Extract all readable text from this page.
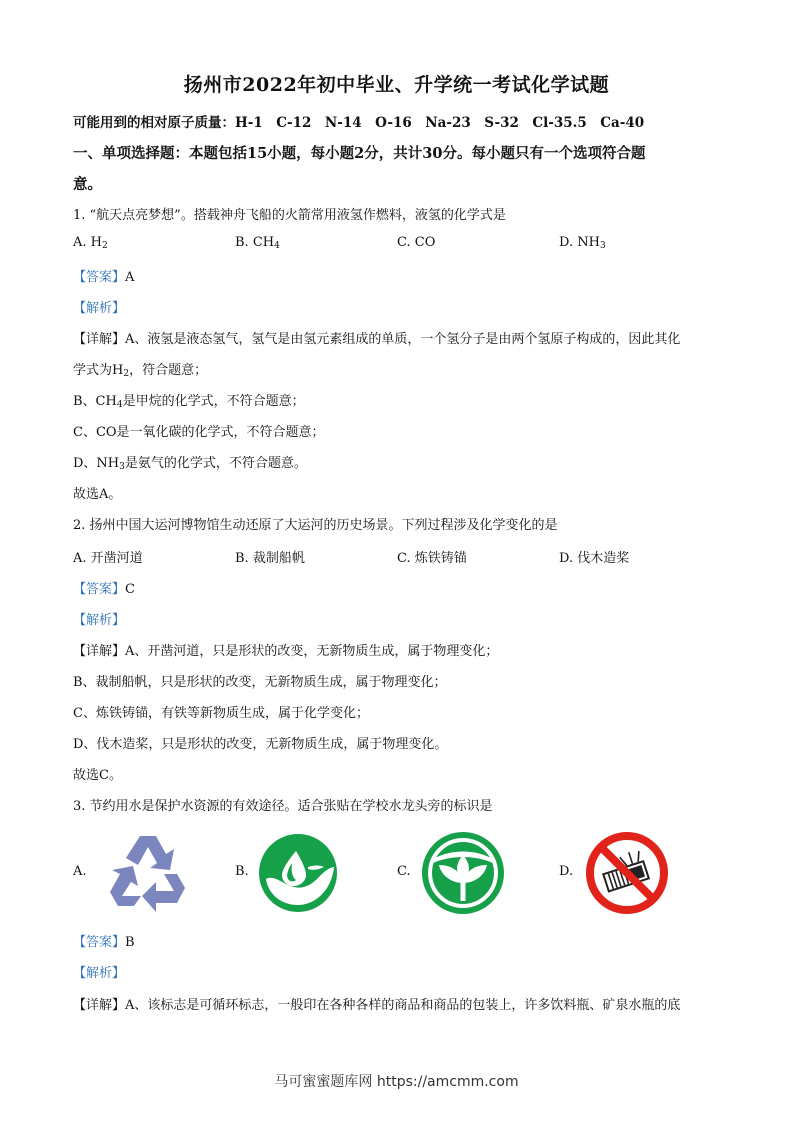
扬州市2022年初中毕业、升学统一考试化学试题
可能用到的相对原子质量：H-1　C-12　N-14　O-16　Na-23　S-32　Cl-35.5　Ca-40
一、单项选择题：本题包括15小题，每小题2分，共计30分。每小题只有一个选项符合题
意。
1. “航天点亮梦想”。搭载神舟飞船的火箭常用液氢作燃料，液氢的化学式是
A. $H_2$	B. $CH_4$	C. CO	D. $NH_3$
【答案】A
【解析】
【详解】A、液氢是液态氢气，氢气是由氢元素组成的单质，一个氢分子是由两个氢原子构成的，因此其化
学式为$H_2$，符合题意；
B、$CH_4$是甲烷的化学式，不符合题意；
C、CO是一氧化碳的化学式，不符合题意；
D、$NH_3$是氨气的化学式，不符合题意。
故选A。
2. 扬州中国大运河博物馆生动还原了大运河的历史场景。下列过程涉及化学变化的是
A. 开凿河道	B. 裁制船帆	C. 炼铁铸锚	D. 伐木造桨
【答案】C
【解析】
【详解】A、开凿河道，只是形状的改变，无新物质生成，属于物理变化；
B、裁制船帆，只是形状的改变，无新物质生成，属于物理变化；
C、炼铁铸锚，有铁等新物质生成，属于化学变化；
D、伐木造桨，只是形状的改变，无新物质生成，属于物理变化。
故选C。
3. 节约用水是保护水资源的有效途径。适合张贴在学校水龙头旁的标识是
A.	B.	C.	D.
【答案】B
【解析】
【详解】A、该标志是可循环标志，一般印在各种各样的商品和商品的包装上，许多饮料瓶、矿泉水瓶的底
马可蜜蜜题库网 https://amcmm.com
